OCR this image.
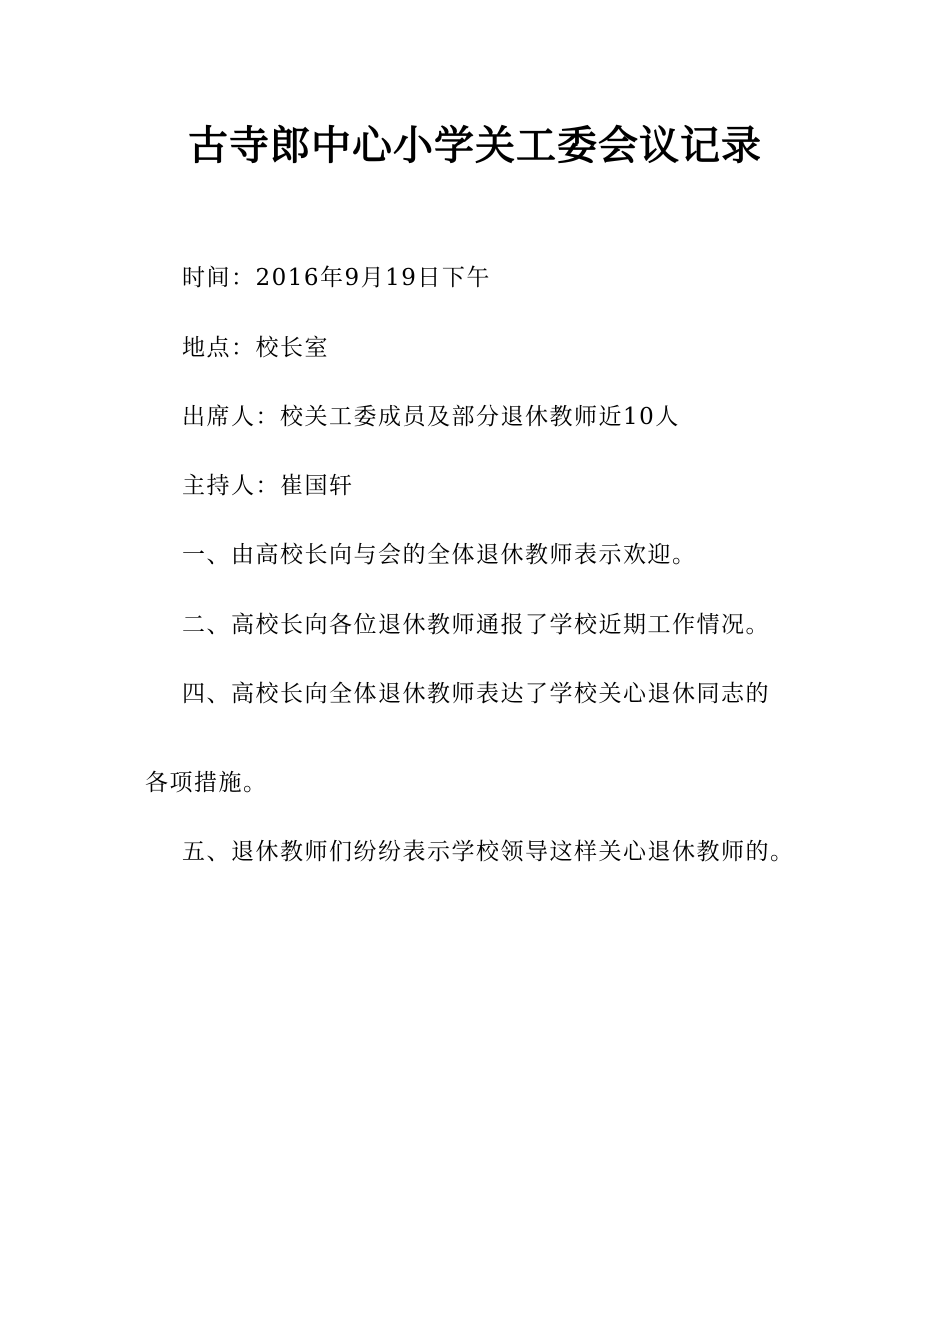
古寺郎中心小学关工委会议记录
时间：2016年9月19日下午
地点：校长室
出席人：校关工委成员及部分退休教师近10人
主持人：崔国轩
一、由高校长向与会的全体退休教师表示欢迎。
二、高校长向各位退休教师通报了学校近期工作情况。
四、高校长向全体退休教师表达了学校关心退休同志的
各项措施。
五、退休教师们纷纷表示学校领导这样关心退休教师的。
